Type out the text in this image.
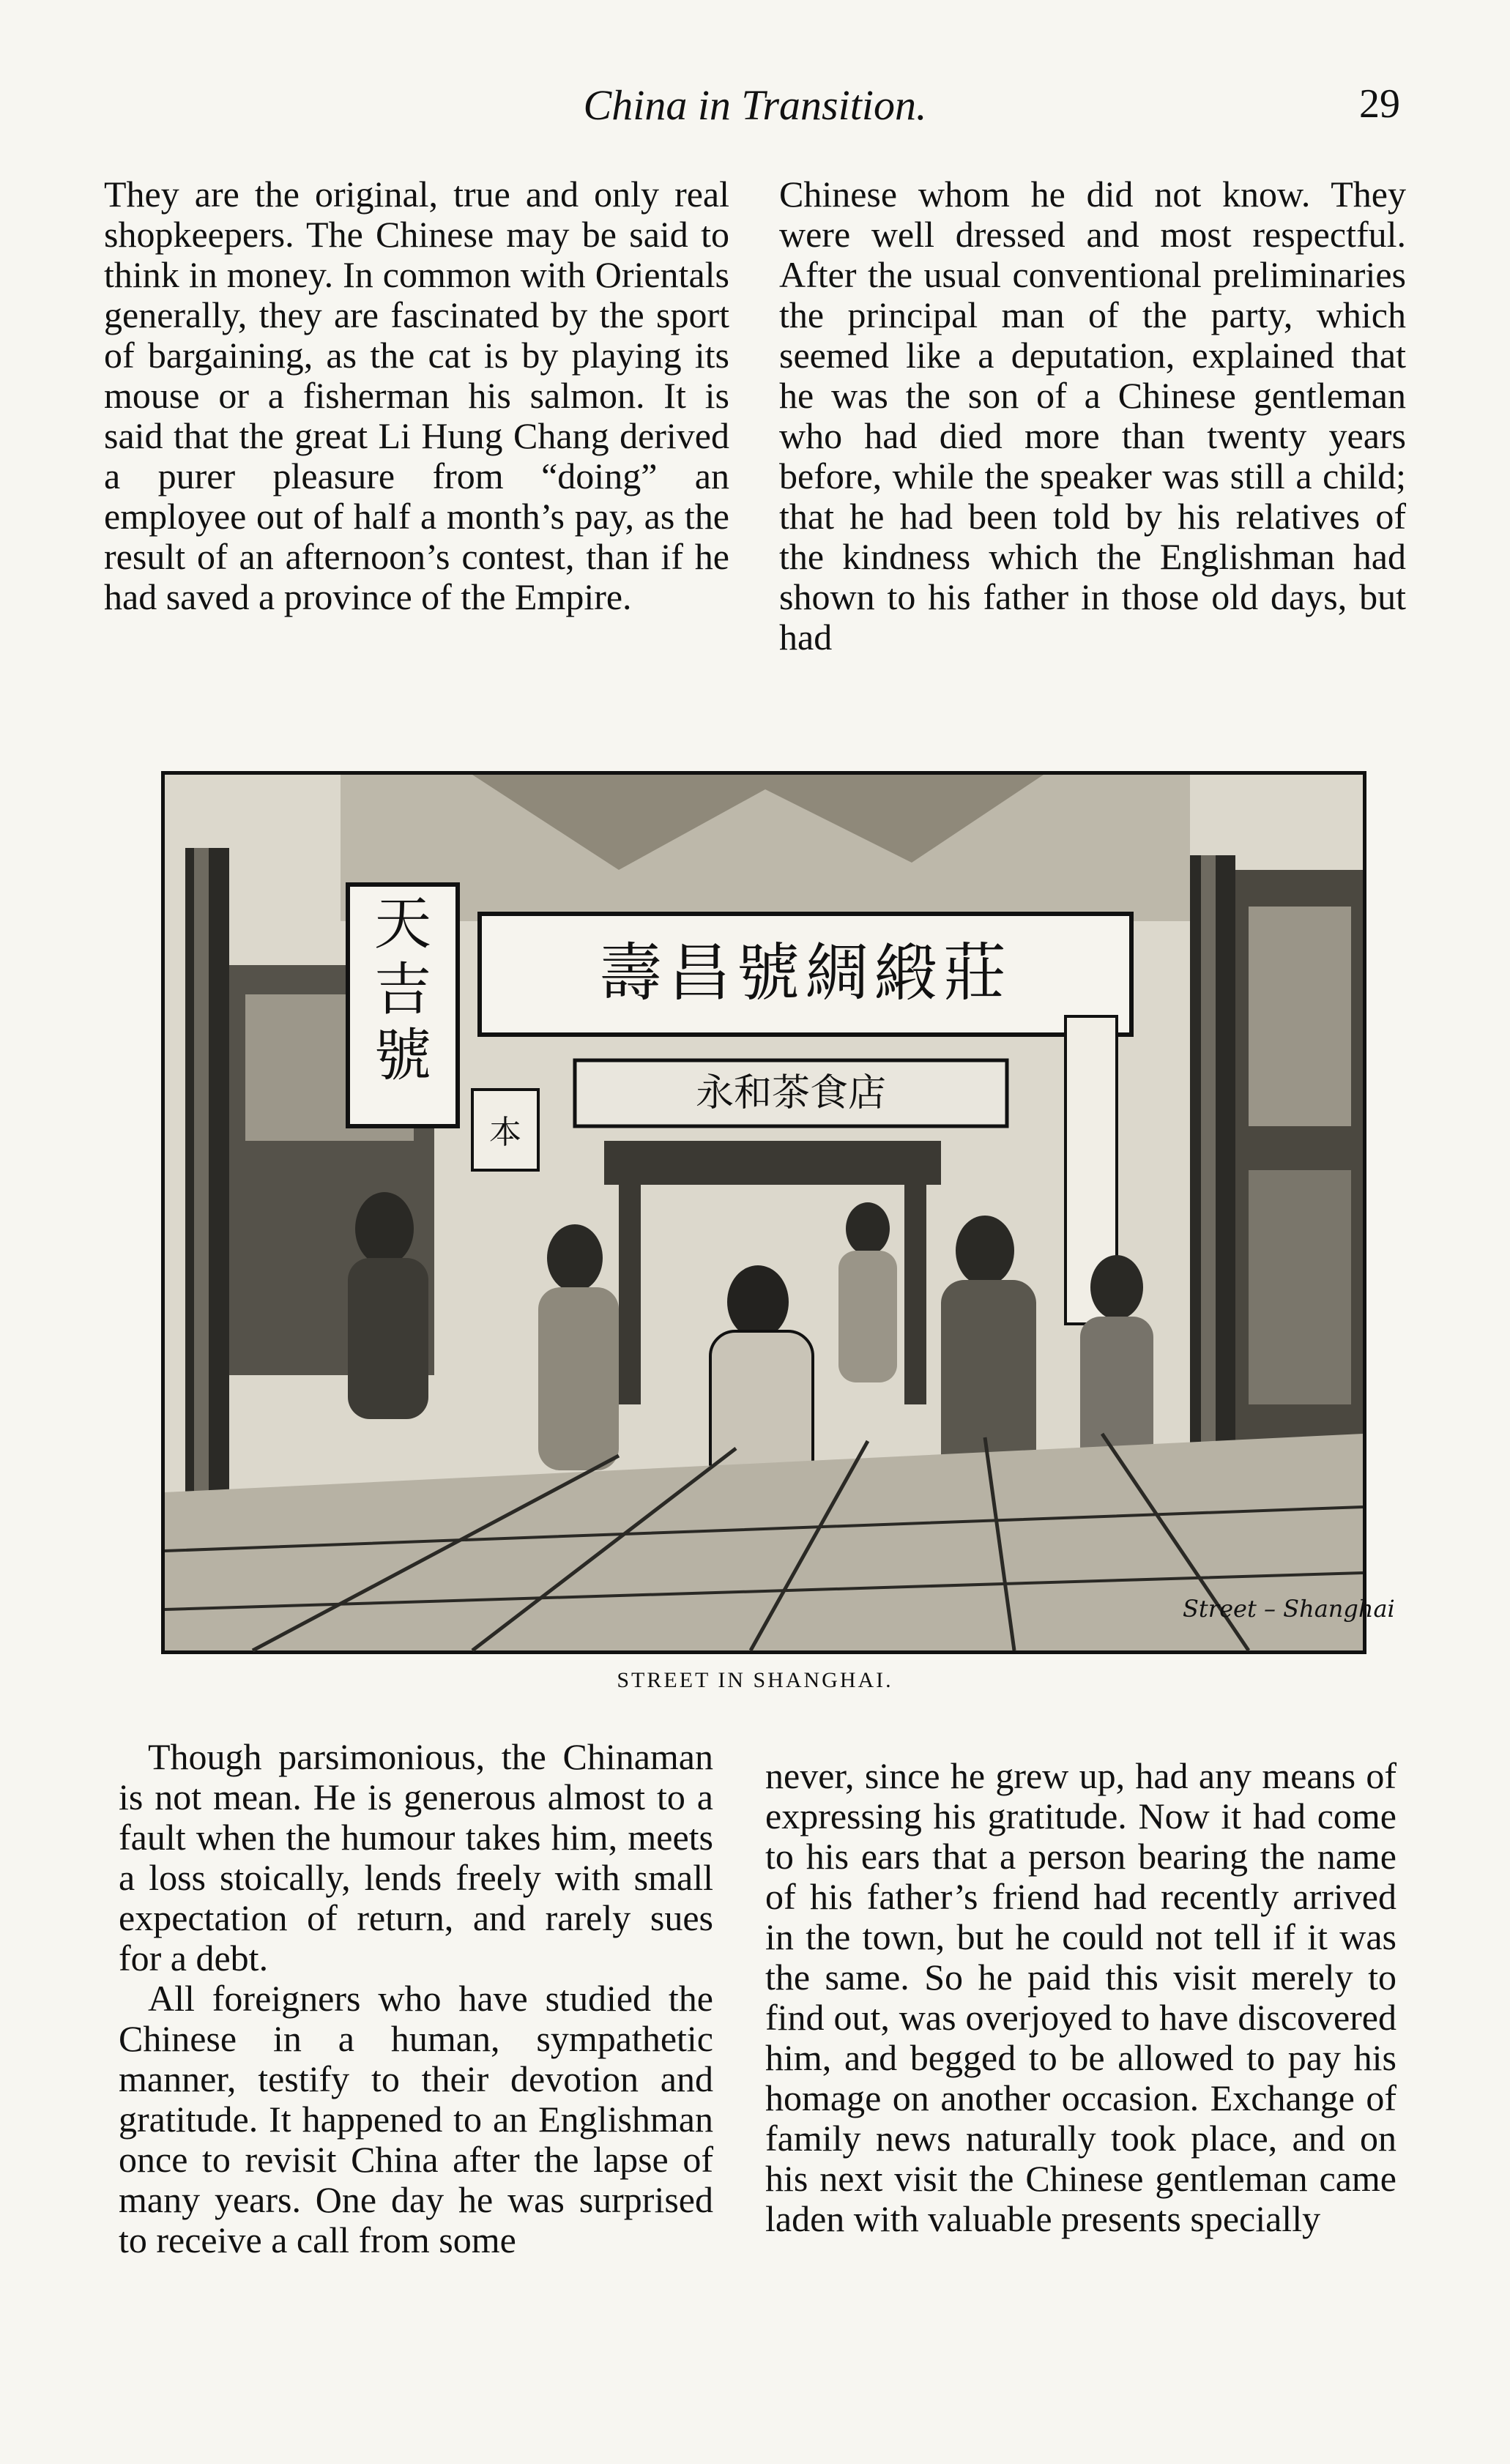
China in Transition.	29

They are the original, true and only real shopkeepers. The Chinese may be said to think in money. In common with Orientals generally, they are fascinated by the sport of bargaining, as the cat is by playing its mouse or a fisherman his salmon. It is said that the great Li Hung Chang derived a purer pleasure from “doing” an employee out of half a month’s pay, as the result of an afternoon’s contest, than if he had saved a province of the Empire.

Chinese whom he did not know. They were well dressed and most respectful. After the usual conventional preliminaries the principal man of the party, which seemed like a deputation, explained that he was the son of a Chinese gentleman who had died more than twenty years before, while the speaker was still a child; that he had been told by his relatives of the kindness which the Englishman had shown to his father in those old days, but had

天
吉
號
壽昌號綢緞莊
永和茶食店
本
Street – Shanghai
STREET IN SHANGHAI.

Though parsimonious, the Chinaman is not mean. He is generous almost to a fault when the humour takes him, meets a loss stoically, lends freely with small expectation of return, and rarely sues for a debt.

All foreigners who have studied the Chinese in a human, sympathetic manner, testify to their devotion and gratitude. It happened to an Englishman once to revisit China after the lapse of many years. One day he was surprised to receive a call from some

never, since he grew up, had any means of expressing his gratitude. Now it had come to his ears that a person bearing the name of his father’s friend had recently arrived in the town, but he could not tell if it was the same. So he paid this visit merely to find out, was overjoyed to have discovered him, and begged to be allowed to pay his homage on another occasion. Exchange of family news naturally took place, and on his next visit the Chinese gentleman came laden with valuable presents specially
